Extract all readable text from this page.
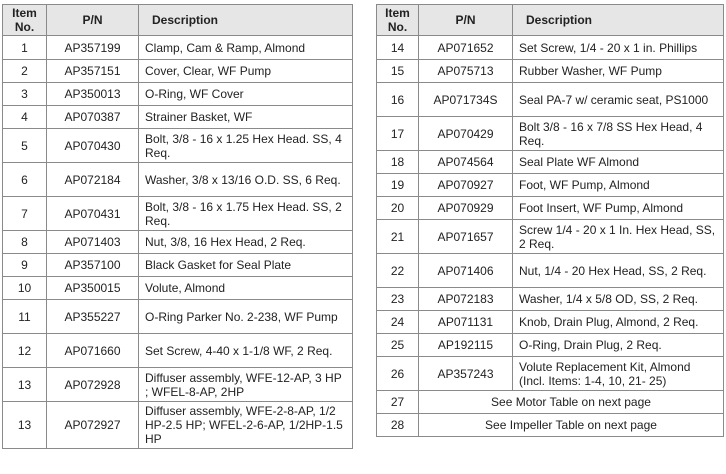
Item No.	P/N	Description
1	AP357199	Clamp, Cam & Ramp, Almond
2	AP357151	Cover, Clear, WF Pump
3	AP350013	O-Ring, WF Cover
4	AP070387	Strainer Basket, WF
5	AP070430	Bolt, 3/8 - 16 x 1.25 Hex Head. SS, 4 Req.
6	AP072184	Washer, 3/8 x 13/16 O.D. SS, 6 Req.
7	AP070431	Bolt, 3/8 - 16 x 1.75 Hex Head. SS, 2 Req.
8	AP071403	Nut, 3/8, 16 Hex Head, 2 Req.
9	AP357100	Black Gasket for Seal Plate
10	AP350015	Volute, Almond
11	AP355227	O-Ring Parker No. 2-238, WF Pump
12	AP071660	Set Screw, 4-40 x 1-1/8 WF, 2 Req.
13	AP072928	Diffuser assembly, WFE-12-AP, 3 HP ; WFEL-8-AP, 2HP
13	AP072927	Diffuser assembly, WFE-2-8-AP, 1/2 HP-2.5 HP; WFEL-2-6-AP, 1/2HP-1.5 HP
Item No.	P/N	Description
14	AP071652	Set Screw, 1/4 - 20 x 1 in. Phillips
15	AP075713	Rubber Washer, WF Pump
16	AP071734S	Seal PA-7 w/ ceramic seat, PS1000
17	AP070429	Bolt 3/8 - 16 x 7/8 SS Hex Head, 4 Req.
18	AP074564	Seal Plate WF Almond
19	AP070927	Foot, WF Pump, Almond
20	AP070929	Foot Insert, WF Pump, Almond
21	AP071657	Screw 1/4 - 20 x 1 In. Hex Head, SS, 2 Req.
22	AP071406	Nut, 1/4 - 20 Hex Head, SS, 2 Req.
23	AP072183	Washer, 1/4 x 5/8 OD, SS, 2 Req.
24	AP071131	Knob, Drain Plug, Almond, 2 Req.
25	AP192115	O-Ring, Drain Plug, 2 Req.
26	AP357243	Volute Replacement Kit, Almond (Incl. Items: 1-4, 10, 21- 25)
27	See Motor Table on next page	
28	See Impeller Table on next page	
